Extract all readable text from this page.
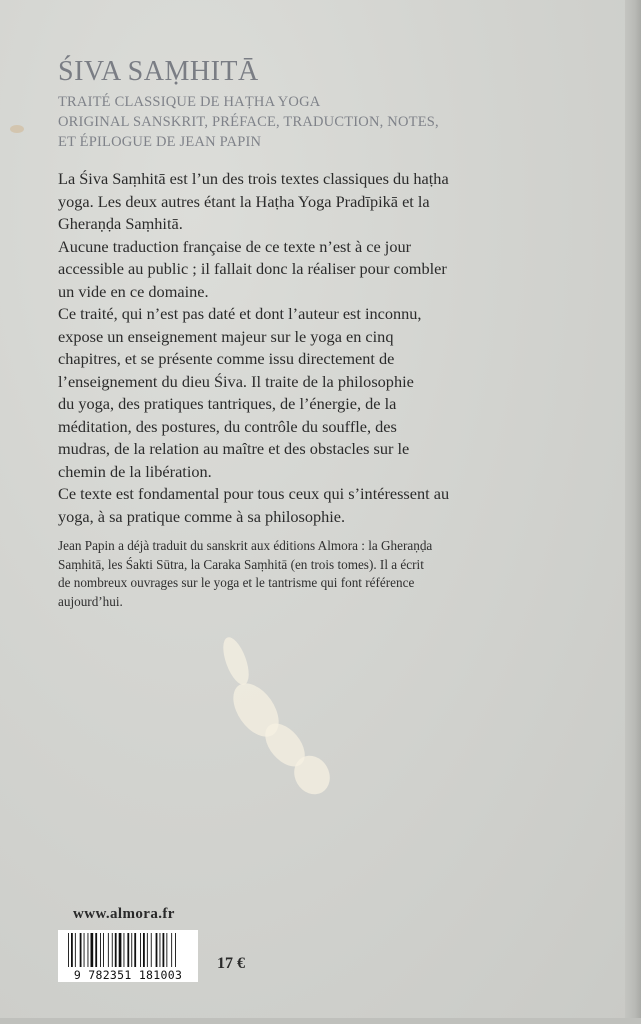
ŚIVA SAṂHITĀ

TRAITÉ CLASSIQUE DE HAṬHA YOGA

ORIGINAL SANSKRIT, PRÉFACE, TRADUCTION, NOTES,

ET ÉPILOGUE DE JEAN PAPIN

La Śiva Saṃhitā est l’un des trois textes classiques du haṭha
yoga. Les deux autres étant la Haṭha Yoga Pradīpikā et la
Gheraṇḍa Saṃhitā.
Aucune traduction française de ce texte n’est à ce jour
accessible au public ; il fallait donc la réaliser pour combler
un vide en ce domaine.
Ce traité, qui n’est pas daté et dont l’auteur est inconnu,
expose un enseignement majeur sur le yoga en cinq
chapitres, et se présente comme issu directement de
l’enseignement du dieu Śiva. Il traite de la philosophie
du yoga, des pratiques tantriques, de l’énergie, de la
méditation, des postures, du contrôle du souffle, des
mudras, de la relation au maître et des obstacles sur le
chemin de la libération.
Ce texte est fondamental pour tous ceux qui s’intéressent au
yoga, à sa pratique comme à sa philosophie.
Jean Papin a déjà traduit du sanskrit aux éditions Almora : la Gheraṇḍa
Saṃhitā, les Śakti Sūtra, la Caraka Saṃhitā (en trois tomes). Il a écrit
de nombreux ouvrages sur le yoga et le tantrisme qui font référence
aujourd’hui.

www.almora.fr

9 782351 181003

17 €
